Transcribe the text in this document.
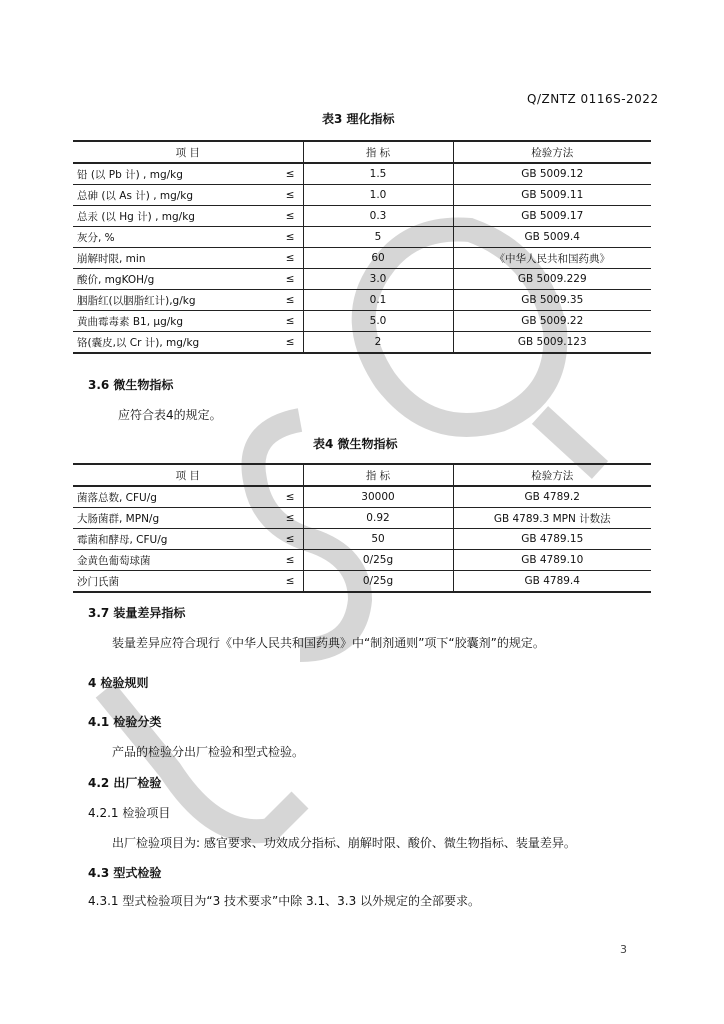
Q/ZNTZ 0116S-2022
表3 理化指标
项 目		指 标	检验方法
铅 (以 Pb 计) , mg/kg	≤	1.5	GB 5009.12
总砷 (以 As 计) , mg/kg	≤	1.0	GB 5009.11
总汞 (以 Hg 计) , mg/kg	≤	0.3	GB 5009.17
灰分, %	≤	5	GB 5009.4
崩解时限, min	≤	60	《中华人民共和国药典》
酸价, mgKOH/g	≤	3.0	GB 5009.229
胭脂红(以胭脂红计),g/kg	≤	0.1	GB 5009.35
黄曲霉毒素 B1, μg/kg	≤	5.0	GB 5009.22
铬(囊皮,以 Cr 计), mg/kg	≤	2	GB 5009.123
3.6 微生物指标
应符合表4的规定。
表4 微生物指标
项 目		指 标	检验方法
菌落总数, CFU/g	≤	30000	GB 4789.2
大肠菌群, MPN/g	≤	0.92	GB 4789.3 MPN 计数法
霉菌和酵母, CFU/g	≤	50	GB 4789.15
金黄色葡萄球菌	≤	0/25g	GB 4789.10
沙门氏菌	≤	0/25g	GB 4789.4
3.7 装量差异指标
装量差异应符合现行《中华人民共和国药典》中“制剂通则”项下“胶囊剂”的规定。
4 检验规则
4.1 检验分类
产品的检验分出厂检验和型式检验。
4.2 出厂检验
4.2.1 检验项目
出厂检验项目为: 感官要求、功效成分指标、崩解时限、酸价、微生物指标、装量差异。
4.3 型式检验
4.3.1 型式检验项目为“3 技术要求”中除 3.1、3.3 以外规定的全部要求。
3
